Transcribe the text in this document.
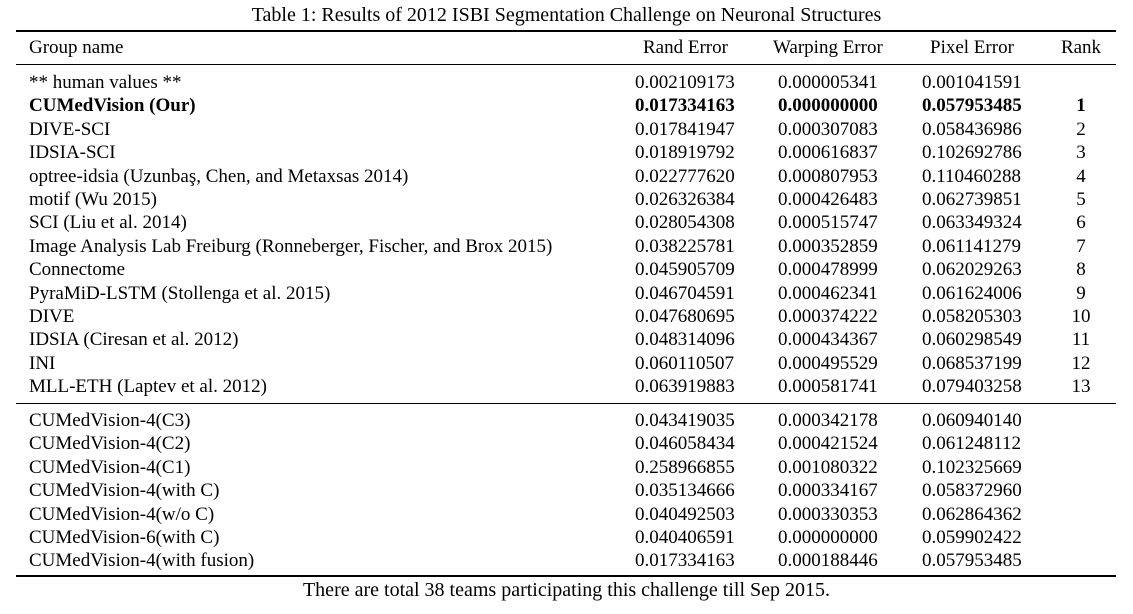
Table 1: Results of 2012 ISBI Segmentation Challenge on Neuronal Structures
Group name	Rand Error Warping Error Pixel Error Rank
** human values **	0.002109173 0.000005341 0.001041591
CUMedVision (Our)	0.017334163 0.000000000 0.057953485	1
DIVE-SCI	0.017841947 0.000307083 0.058436986	2
IDSIA-SCI	0.018919792 0.000616837 0.102692786	3
optree-idsia (Uzunbaş, Chen, and Metaxsas 2014)	0.022777620 0.000807953 0.110460288	4
motif (Wu 2015)	0.026326384 0.000426483 0.062739851	5
SCI (Liu et al. 2014)	0.028054308 0.000515747 0.063349324	6
Image Analysis Lab Freiburg (Ronneberger, Fischer, and Brox 2015)	0.038225781 0.000352859 0.061141279	7
Connectome	0.045905709 0.000478999 0.062029263	8
PyraMiD-LSTM (Stollenga et al. 2015)	0.046704591 0.000462341 0.061624006	9
DIVE	0.047680695 0.000374222 0.058205303	10
IDSIA (Ciresan et al. 2012)	0.048314096 0.000434367 0.060298549	11
INI	0.060110507 0.000495529 0.068537199	12
MLL-ETH (Laptev et al. 2012)	0.063919883 0.000581741 0.079403258	13
CUMedVision-4(C3)	0.043419035 0.000342178 0.060940140
CUMedVision-4(C2)	0.046058434 0.000421524 0.061248112
CUMedVision-4(C1)	0.258966855 0.001080322 0.102325669
CUMedVision-4(with C)	0.035134666 0.000334167 0.058372960
CUMedVision-4(w/o C)	0.040492503 0.000330353 0.062864362
CUMedVision-6(with C)	0.040406591 0.000000000 0.059902422
CUMedVision-4(with fusion)	0.017334163 0.000188446 0.057953485
There are total 38 teams participating this challenge till Sep 2015.
